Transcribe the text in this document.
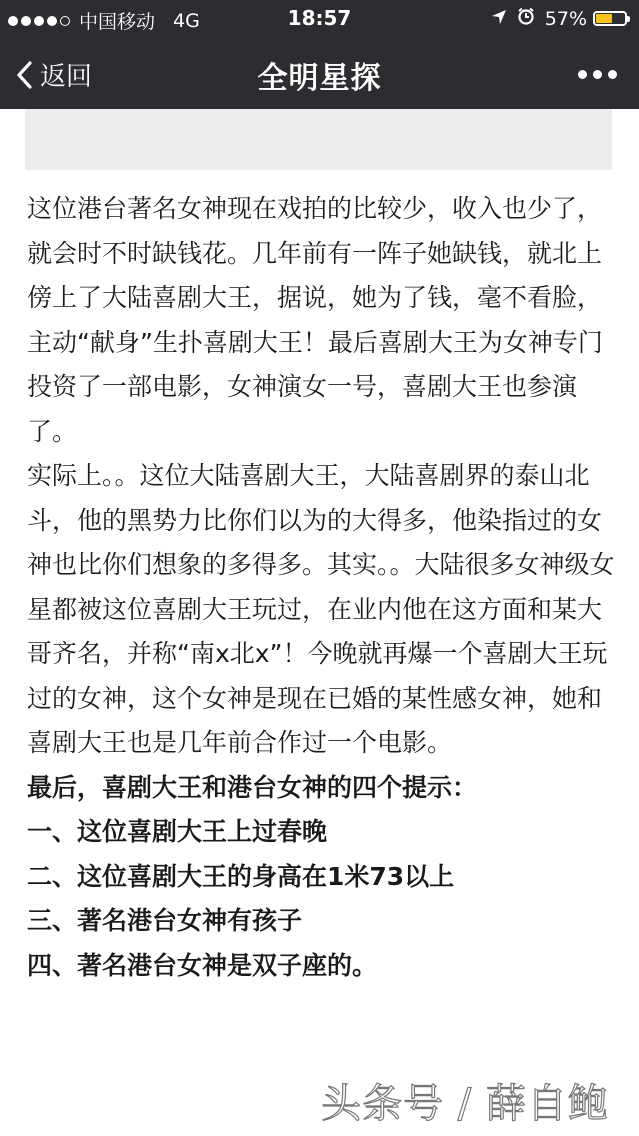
中国移动 4G	18:57	57%
返回	全明星探

这位港台著名女神现在戏拍的比较少，收入也少了，就会时不时缺钱花。几年前有一阵子她缺钱，就北上傍上了大陆喜剧大王，据说，她为了钱，毫不看脸，主动“献身”生扑喜剧大王！最后喜剧大王为女神专门投资了一部电影，女神演女一号，喜剧大王也参演了。

实际上。。这位大陆喜剧大王，大陆喜剧界的泰山北斗，他的黑势力比你们以为的大得多，他染指过的女神也比你们想象的多得多。其实。。大陆很多女神级女星都被这位喜剧大王玩过，在业内他在这方面和某大哥齐名，并称“南x北x”！今晚就再爆一个喜剧大王玩过的女神，这个女神是现在已婚的某性感女神，她和喜剧大王也是几年前合作过一个电影。

最后，喜剧大王和港台女神的四个提示：

一、这位喜剧大王上过春晚

二、这位喜剧大王的身高在1米73以上

三、著名港台女神有孩子

四、著名港台女神是双子座的。

头条号 / 薛自鲍
